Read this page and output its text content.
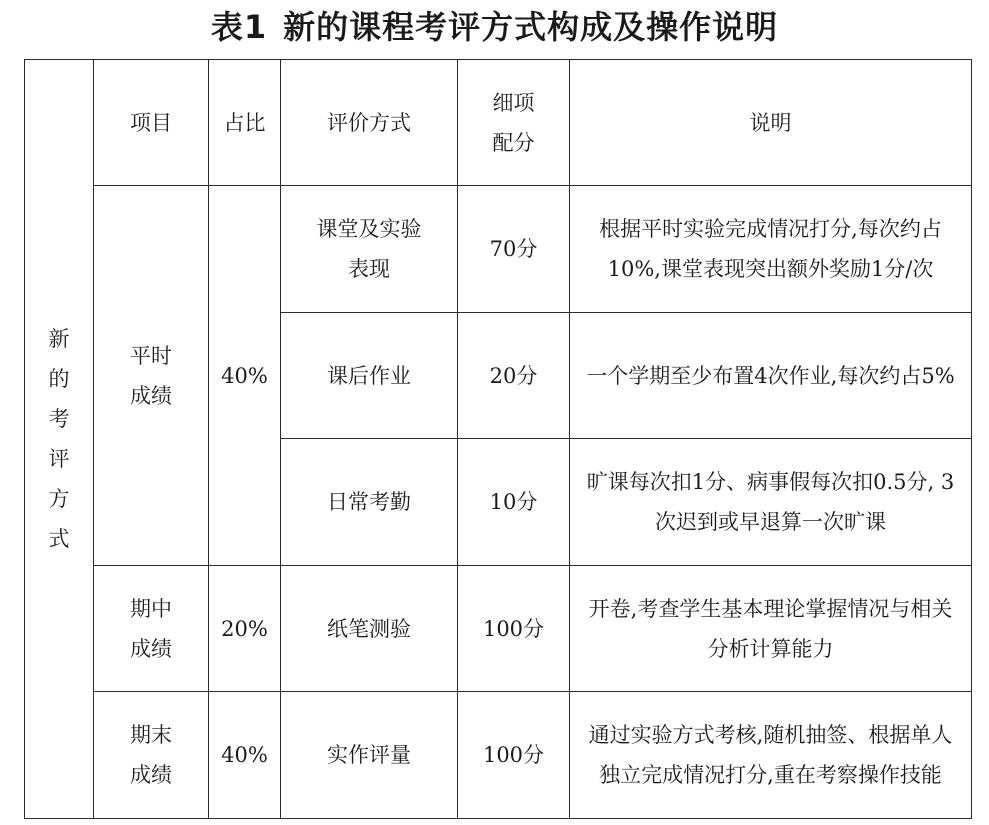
表1 新的课程考评方式构成及操作说明
新的考评方式	项目	占比	评价方式	细项配分	说明
	平时成绩	40%	课堂及实验表现	70分	根据平时实验完成情况打分,每次约占10%,课堂表现突出额外奖励1分/次
			课后作业	20分	一个学期至少布置4次作业,每次约占5%
			日常考勤	10分	旷课每次扣1分、病事假每次扣0.5分, 3次迟到或早退算一次旷课
	期中成绩	20%	纸笔测验	100分	开卷,考查学生基本理论掌握情况与相关分析计算能力
	期末成绩	40%	实作评量	100分	通过实验方式考核,随机抽签、根据单人独立完成情况打分,重在考察操作技能
